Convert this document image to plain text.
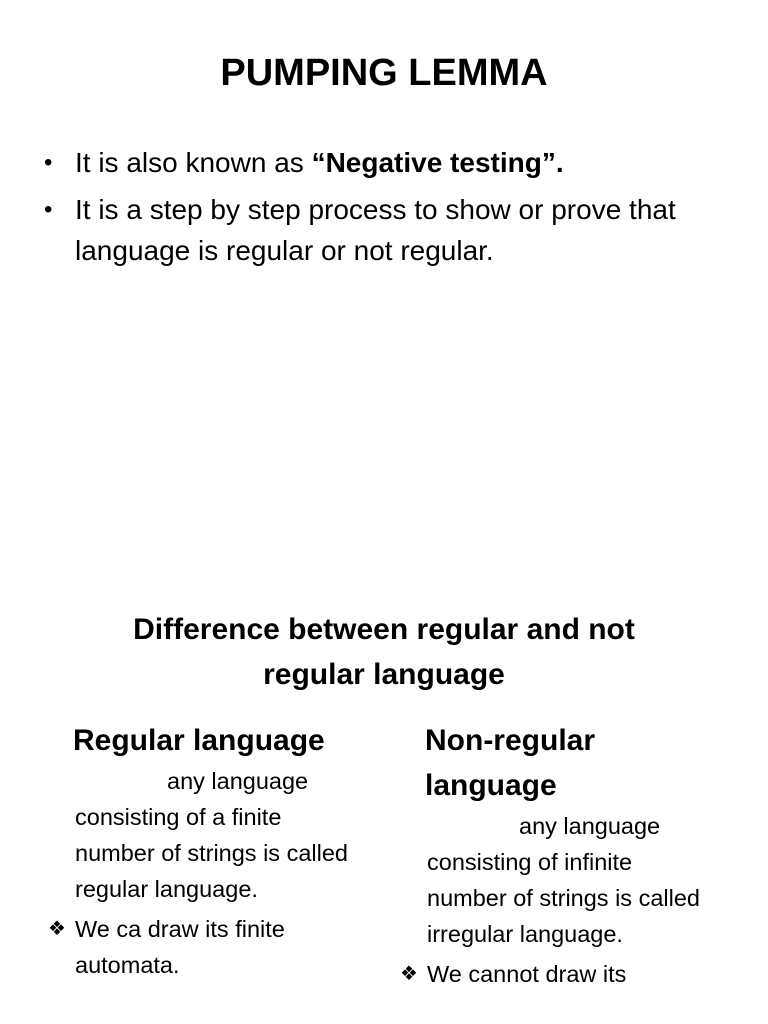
PUMPING LEMMA
• It is also known as “Negative testing”.
• It is a step by step process to show or prove that language is regular or not regular.
Difference between regular and not regular language
Regular language

any language consisting of a finite number of strings is called regular language.

❖ We ca draw its finite automata.
Non-regular language

any language consisting of infinite number of strings is called irregular language.

❖ We cannot draw its
